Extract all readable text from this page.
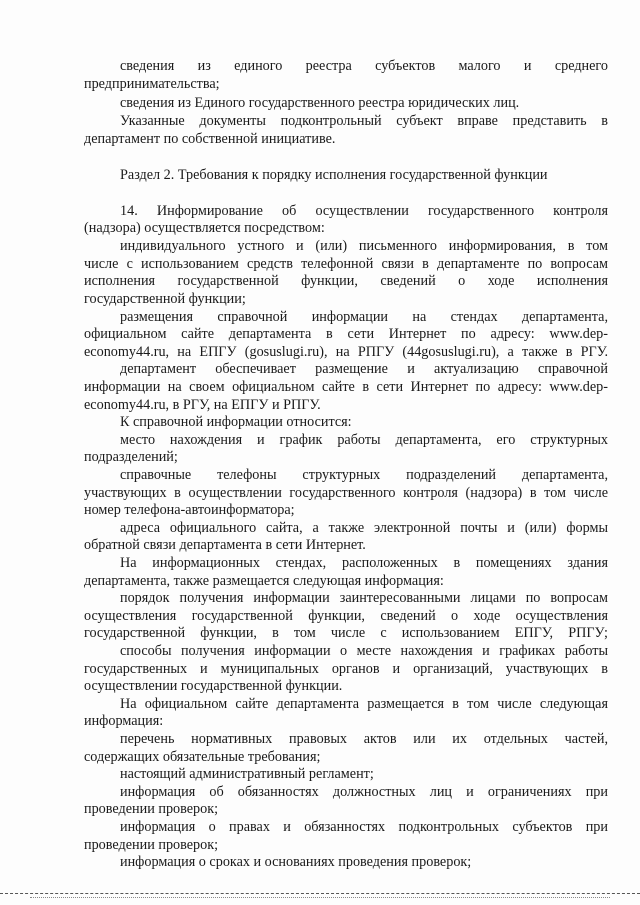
сведения из единого реестра субъектов малого и среднего
предпринимательства;
сведения из Единого государственного реестра юридических лиц.
Указанные документы подконтрольный субъект вправе представить в
департамент по собственной инициативе.
Раздел 2. Требования к порядку исполнения государственной функции
14. Информирование об осуществлении государственного контроля
(надзора) осуществляется посредством:
индивидуального устного и (или) письменного информирования, в том
числе с использованием средств телефонной связи в департаменте по вопросам
исполнения государственной функции, сведений о ходе исполнения
государственной функции;
размещения справочной информации на стендах департамента,
официальном сайте департамента в сети Интернет по адресу: www.dep-
economy44.ru, на ЕПГУ (gosuslugi.ru), на РПГУ (44gosuslugi.ru), а также в РГУ.
департамент обеспечивает размещение и актуализацию справочной
информации на своем официальном сайте в сети Интернет по адресу: www.dep-
economy44.ru, в РГУ, на ЕПГУ и РПГУ.
К справочной информации относится:
место нахождения и график работы департамента, его структурных
подразделений;
справочные телефоны структурных подразделений департамента,
участвующих в осуществлении государственного контроля (надзора) в том числе
номер телефона-автоинформатора;
адреса официального сайта, а также электронной почты и (или) формы
обратной связи департамента в сети Интернет.
На информационных стендах, расположенных в помещениях здания
департамента, также размещается следующая информация:
порядок получения информации заинтересованными лицами по вопросам
осуществления государственной функции, сведений о ходе осуществления
государственной функции, в том числе с использованием ЕПГУ, РПГУ;
способы получения информации о месте нахождения и графиках работы
государственных и муниципальных органов и организаций, участвующих в
осуществлении государственной функции.
На официальном сайте департамента размещается в том числе следующая
информация:
перечень нормативных правовых актов или их отдельных частей,
содержащих обязательные требования;
настоящий административный регламент;
информация об обязанностях должностных лиц и ограничениях при
проведении проверок;
информация о правах и обязанностях подконтрольных субъектов при
проведении проверок;
информация о сроках и основаниях проведения проверок;
